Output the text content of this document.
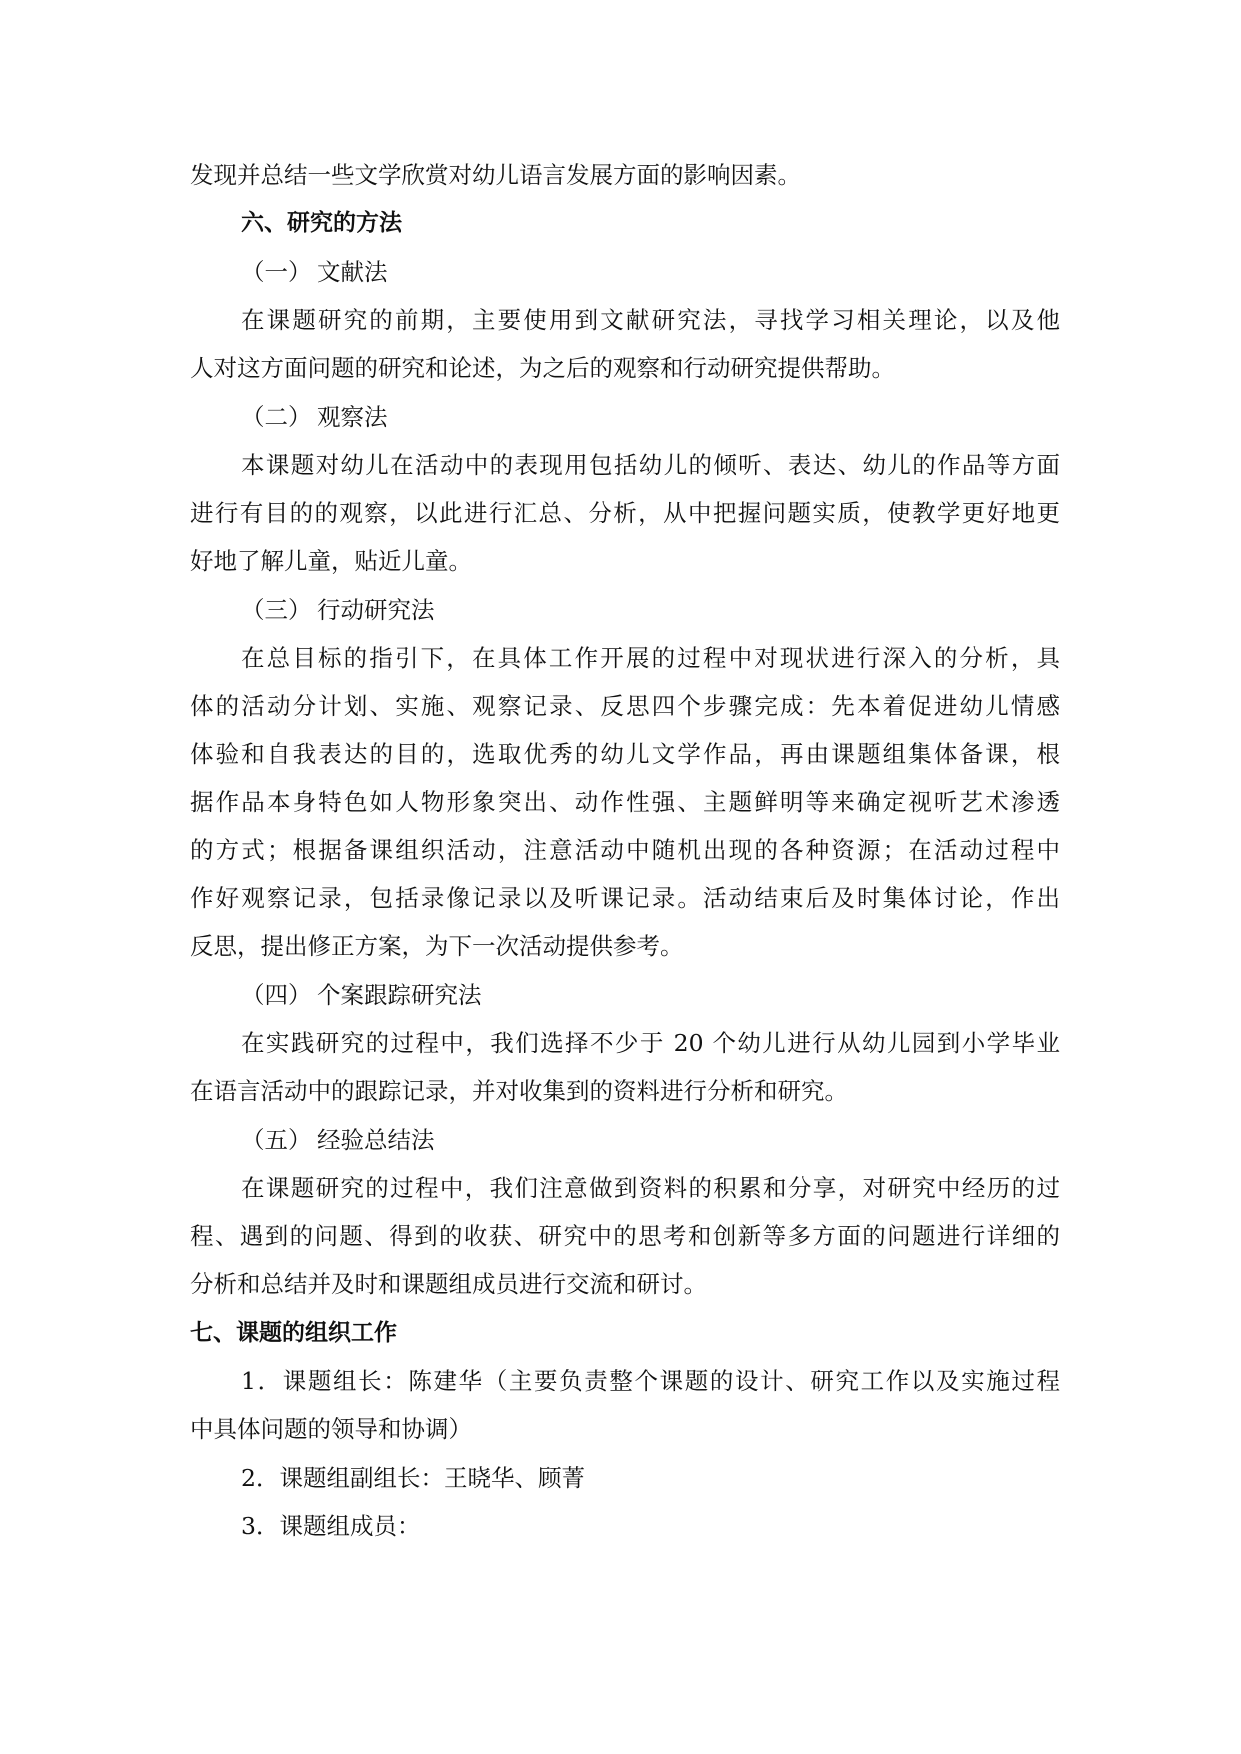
发现并总结一些文学欣赏对幼儿语言发展方面的影响因素。
六、研究的方法
（一） 文献法
在课题研究的前期，主要使用到文献研究法，寻找学习相关理论，以及他
人对这方面问题的研究和论述，为之后的观察和行动研究提供帮助。
（二） 观察法
本课题对幼儿在活动中的表现用包括幼儿的倾听、表达、幼儿的作品等方面
进行有目的的观察，以此进行汇总、分析，从中把握问题实质，使教学更好地更
好地了解儿童，贴近儿童。
（三） 行动研究法
在总目标的指引下，在具体工作开展的过程中对现状进行深入的分析，具
体的活动分计划、实施、观察记录、反思四个步骤完成：先本着促进幼儿情感
体验和自我表达的目的，选取优秀的幼儿文学作品，再由课题组集体备课，根
据作品本身特色如人物形象突出、动作性强、主题鲜明等来确定视听艺术渗透
的方式；根据备课组织活动，注意活动中随机出现的各种资源；在活动过程中
作好观察记录，包括录像记录以及听课记录。活动结束后及时集体讨论，作出
反思，提出修正方案，为下一次活动提供参考。
（四） 个案跟踪研究法
在实践研究的过程中，我们选择不少于 20 个幼儿进行从幼儿园到小学毕业
在语言活动中的跟踪记录，并对收集到的资料进行分析和研究。
（五） 经验总结法
在课题研究的过程中，我们注意做到资料的积累和分享，对研究中经历的过
程、遇到的问题、得到的收获、研究中的思考和创新等多方面的问题进行详细的
分析和总结并及时和课题组成员进行交流和研讨。
七、课题的组织工作
1．课题组长：陈建华（主要负责整个课题的设计、研究工作以及实施过程
中具体问题的领导和协调）
2．课题组副组长：王晓华、顾菁
3．课题组成员：
